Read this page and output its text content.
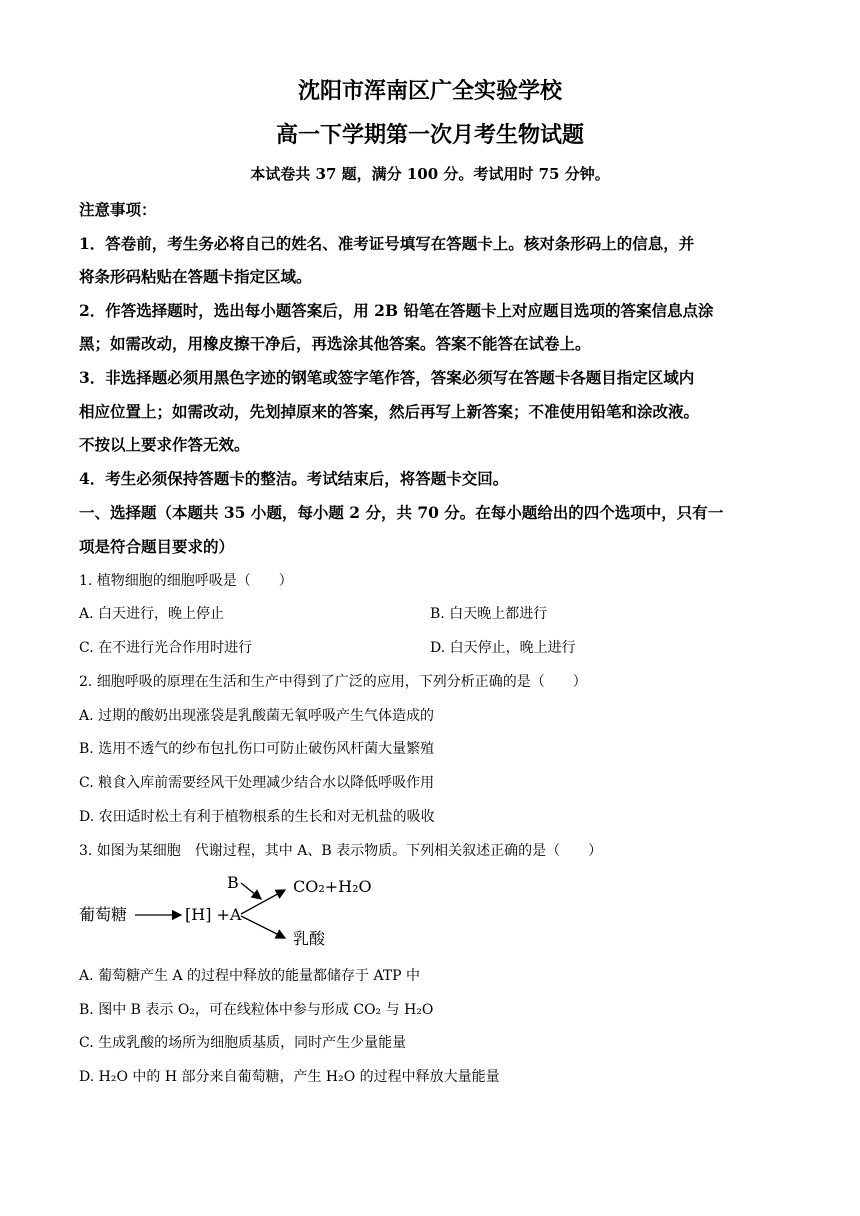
沈阳市浑南区广全实验学校
高一下学期第一次月考生物试题
本试卷共 37 题，满分 100 分。考试用时 75 分钟。
注意事项：
1．答卷前，考生务必将自己的姓名、准考证号填写在答题卡上。核对条形码上的信息，并
将条形码粘贴在答题卡指定区域。
2．作答选择题时，选出每小题答案后，用 2B 铅笔在答题卡上对应题目选项的答案信息点涂
黑；如需改动，用橡皮擦干净后，再选涂其他答案。答案不能答在试卷上。
3．非选择题必须用黑色字迹的钢笔或签字笔作答，答案必须写在答题卡各题目指定区域内
相应位置上；如需改动，先划掉原来的答案，然后再写上新答案；不准使用铅笔和涂改液。
不按以上要求作答无效。
4．考生必须保持答题卡的整洁。考试结束后，将答题卡交回。
一、选择题（本题共 35 小题，每小题 2 分，共 70 分。在每小题给出的四个选项中，只有一
项是符合题目要求的）
1. 植物细胞的细胞呼吸是（　　）
A. 白天进行，晚上停止	B. 白天晚上都进行
C. 在不进行光合作用时进行	D. 白天停止，晚上进行
2. 细胞呼吸的原理在生活和生产中得到了广泛的应用，下列分析正确的是（　　）
A. 过期的酸奶出现涨袋是乳酸菌无氧呼吸产生气体造成的
B. 选用不透气的纱布包扎伤口可防止破伤风杆菌大量繁殖
C. 粮食入库前需要经风干处理减少结合水以降低呼吸作用
D. 农田适时松土有利于植物根系的生长和对无机盐的吸收
3. 如图为某细胞　代谢过程，其中 A、B 表示物质。下列相关叙述正确的是（　　）
葡萄糖	[H] +A
B	CO₂+H₂O
乳酸
A. 葡萄糖产生 A 的过程中释放的能量都储存于 ATP 中
B. 图中 B 表示 O₂，可在线粒体中参与形成 CO₂ 与 H₂O
C. 生成乳酸的场所为细胞质基质，同时产生少量能量
D. H₂O 中的 H 部分来自葡萄糖，产生 H₂O 的过程中释放大量能量
